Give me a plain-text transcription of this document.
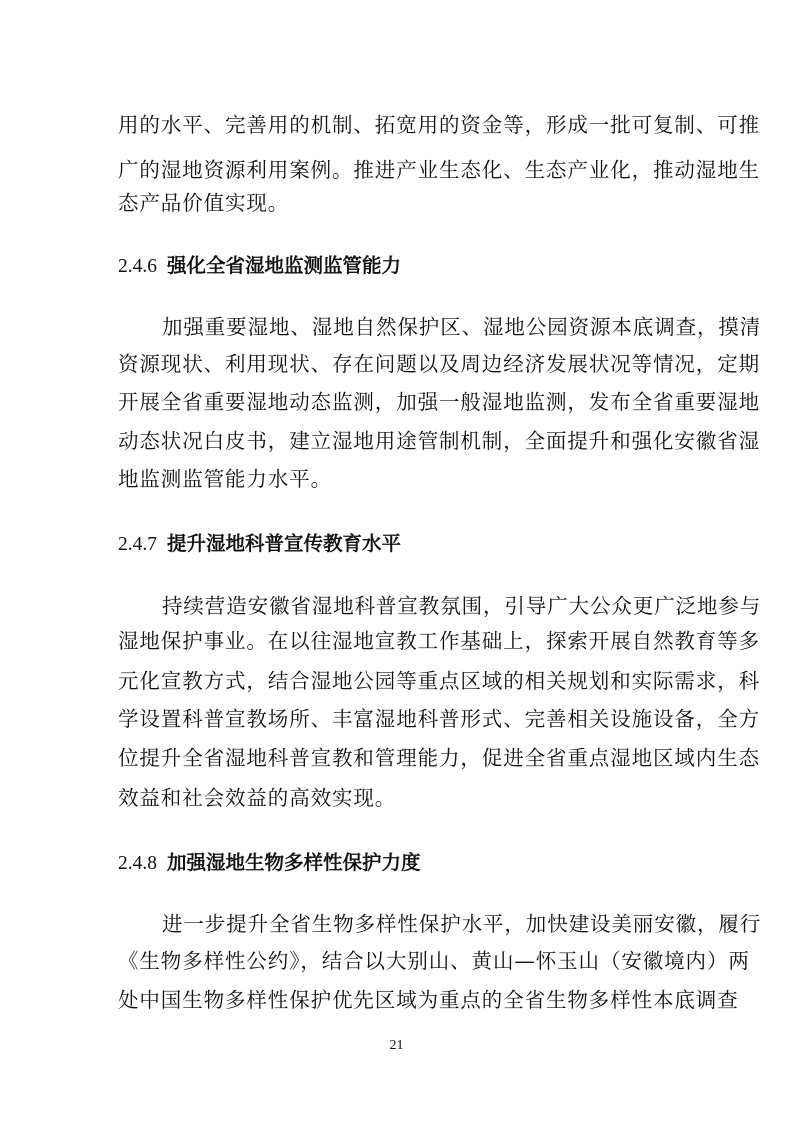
用的水平、完善用的机制、拓宽用的资金等，形成一批可复制、可推

广的湿地资源利用案例。推进产业生态化、生态产业化，推动湿地生

态产品价值实现。

2.4.6 强化全省湿地监测监管能力

加强重要湿地、湿地自然保护区、湿地公园资源本底调查，摸清

资源现状、利用现状、存在问题以及周边经济发展状况等情况，定期

开展全省重要湿地动态监测，加强一般湿地监测，发布全省重要湿地

动态状况白皮书，建立湿地用途管制机制，全面提升和强化安徽省湿

地监测监管能力水平。

2.4.7 提升湿地科普宣传教育水平

持续营造安徽省湿地科普宣教氛围，引导广大公众更广泛地参与

湿地保护事业。在以往湿地宣教工作基础上，探索开展自然教育等多

元化宣教方式，结合湿地公园等重点区域的相关规划和实际需求，科

学设置科普宣教场所、丰富湿地科普形式、完善相关设施设备，全方

位提升全省湿地科普宣教和管理能力，促进全省重点湿地区域内生态

效益和社会效益的高效实现。

2.4.8 加强湿地生物多样性保护力度

进一步提升全省生物多样性保护水平，加快建设美丽安徽，履行

《生物多样性公约》，结合以大别山、黄山—怀玉山（安徽境内）两

处中国生物多样性保护优先区域为重点的全省生物多样性本底调查

21
